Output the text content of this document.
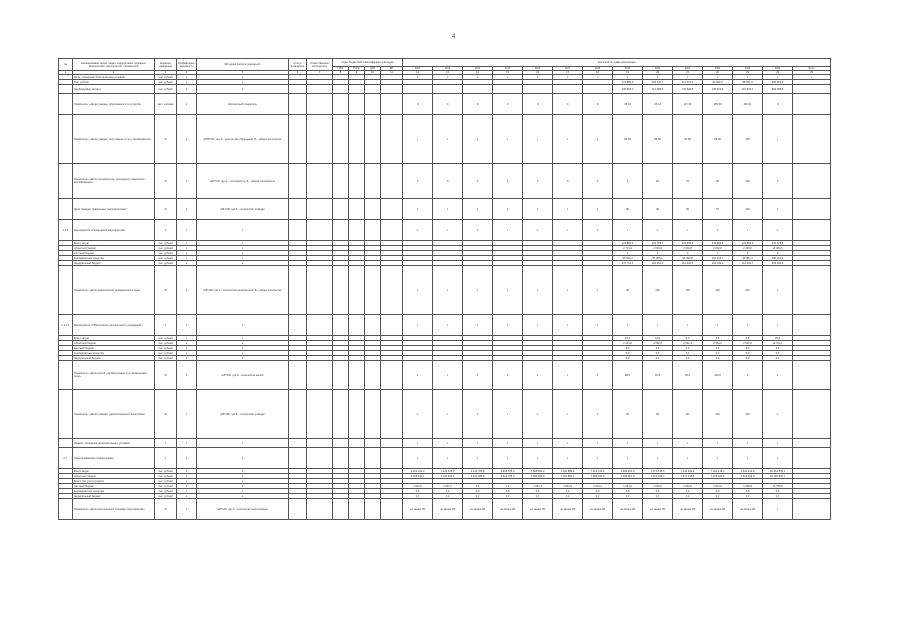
4
№	Наименование целей, задач, подпрограмм, основных мероприятий, мероприятий, показателей	Единица измерения	Коэффициент значимости	Методика расчета показателя	Статус показателя	Ответственный исполнитель	Коды бюджетной классификации расходов				Значения по годам реализации													
							ГРБС	Рз/Пр	ЦСР	ВР	2012	2013	2014	2015	2016	2017	2018	2019	2020	2021	2022	2023	2024	Итого
1	2	3	4	5	6	7	8	9	10	11	12	13	14	15	16	17	18	19	20	21	22	23	24	25
	Цель: «Создание благоприятных условий»	тыс. рублей	x	x							x	x	x	x	x	x	x	x	x	x	x	x	x	x
	Тыс. рублей	тыс. рублей	x	x														121 881,3	153 441,7	111 891,3	92 082,3	88 003,3	665 961,0	
	Необходимые затраты	тыс. рублей	x	x														120 994,0	117 996,3	121 922,5	120 322,3	116 433,1	699 008,8	
	Показатель: «Доля граждан, обратившихся за услугой»	мил. человек	x	абсолютный показатель							0	0	0	0	0	0	0	45,10	45,12	117,36	185,59	266,61	0	
	Показатель: «Доля граждан, получивших услугу своевременно»	%	x	МУВ*100, где А – количество обращений; Б – общее количество							x	x	x	x	x	x	x	80,00	85,00	90,00	95,00	100	x	
	Показатель: «Доля специалистов, прошедших повышение квалификации»	%	x	А/Б*100, где А – численность; Б – общая численность							0	0	0	0	0	0	0	0	50	75	90	100	0	
	Доля граждан, охваченных мероприятиями	%	x	А/Б*100, где А – количество граждан							x	x	x	x	x	x	x	80	90	95	97	100	x	
1.1.1	Мероприятие «Проведение мероприятий»	x	x	x							x	x	x	x	x	x	x	x	x	x	x	x	x	
	Всего затрат	тыс. рублей	x	x														123 880,3	123 785,7	124 602,3	133 490,6	124 866,5	630 625,4	
	областной бюджет	тыс. рублей	x	x														2 724,3	2 634,9	2 592,8	2 622,6	2 490,0	13 064,6	
	местный бюджет	тыс. рублей	x	x														0	0	0	0	0	0	
	внебюджетные средства	тыс. рублей	x	x														95 912,4	97 085,1	94 993,8	102 213,7	99 987,4	490 192,4	
	федеральный бюджет	тыс. рублей	x	x														107 712,3	118 651,0	112 330,7	116 739,1	112 493,7	559 930,9	
	Показатель: «Доля мероприятий, проведенных в срок»	%	x	А/Б*100, где А – количество мероприятий; Б – общее количество							x	x	x	x	x	x	x	90	100	100	100	100	x	
1.1.1.1	Мероприятие «Обеспечение деятельности учреждений»	x	x	x							x	x	x	x	x	x	x	x	x	x	x	x	x	
	Всего затрат	тыс. рублей	x	x														10,0	10,0	0,0	0,0	0,0	20,0	
	областной бюджет	тыс. рублей	x	x														2 264,8	2 852,5	2 542,3	2 564,5	2 540,0	12 764,1	
	местный бюджет	тыс. рублей	x	x														0,0	0,0	0,0	0,0	0,0	0,0	
	внебюджетные средства	тыс. рублей	x	x														0,0	0,0	0,0	0,0	0,0	0,0	
	федеральный бюджет	тыс. рублей	x	x														0,0	0,0	0,0	0,0	0,0	0,0	
	Показатель: «Доля жалоб, рассмотренных в установленный срок»	%	x	А/Б*100, где А – количество жалоб							x	x	x	x	x	x	x	88,0	91,5	95,0	100,0	x	x	
	Показатель: «Доля граждан, удовлетворенных качеством»	%	x	А/Б*100, где А – количество граждан							x	x	x	x	x	x	x	20	50	80	100	100	x	
	Задача: «Создание дополнительных условий»	x	x	x							x	x	x	x	x	x	x	x	x	x	x	x	x	
2.1.	Обеспечивающая подпрограмма	x	x	x							x	x	x	x	x	x	x	x	x	x	x	x	x	
	Всего затрат	тыс. рублей	x	x							6 463 146,2	7 123 478,3	6 444 785,8	6 415 745,2	7 595 660,2	7 303 889,1	7 610 725,3	7 394 151,9	7 474 418,6	7 214 464,2	7 200 418,4	7 514 444,8	84 464 835,1	
	областной бюджет	тыс. рублей	x	x							6 018 444,1	7 116 994,4	6 444 285,8	6 412 765,4	7 595 180,8	7 303 883,1	7 384 184,3	7 392 651,8	7 313 344,4	7 474 418,6	7 205 222,6	7 513 519,8	84 126 890,7	
	Всего, без учета средств	тыс. рублей	x	x																				
	местный бюджет	тыс. рублей	x	x							2 041,6	1 646,7	0,0	0,0	1 341,4	1 844,9	1 614,4	1 644,6	1 648,2	1 692,8	1 544,0	1 638,8	19 758,9	
	внебюджетные средства	тыс. рублей	x	x							0,0	0,0	0,0	0,0	0,0	0,0	0,0	0,0	0,0	0,0	0,0	0,0	0,0	
	федеральный бюджет	тыс. рублей	x	x							0,0	0,0	0,0	0,0	0,0	0,0	0,0	0,0	0,0	0,0	0,0	0,0	0,0	
	Показатель: «Доля выполненных плановых мероприятий»	%	x	А/Б*100, где А – количество выполненных							не менее 95	не менее 95	не менее 95	не менее 95	не менее 95	не менее 95	не менее 95	не менее 95	не менее 95	не менее 95	не менее 95	не менее 95	x	
